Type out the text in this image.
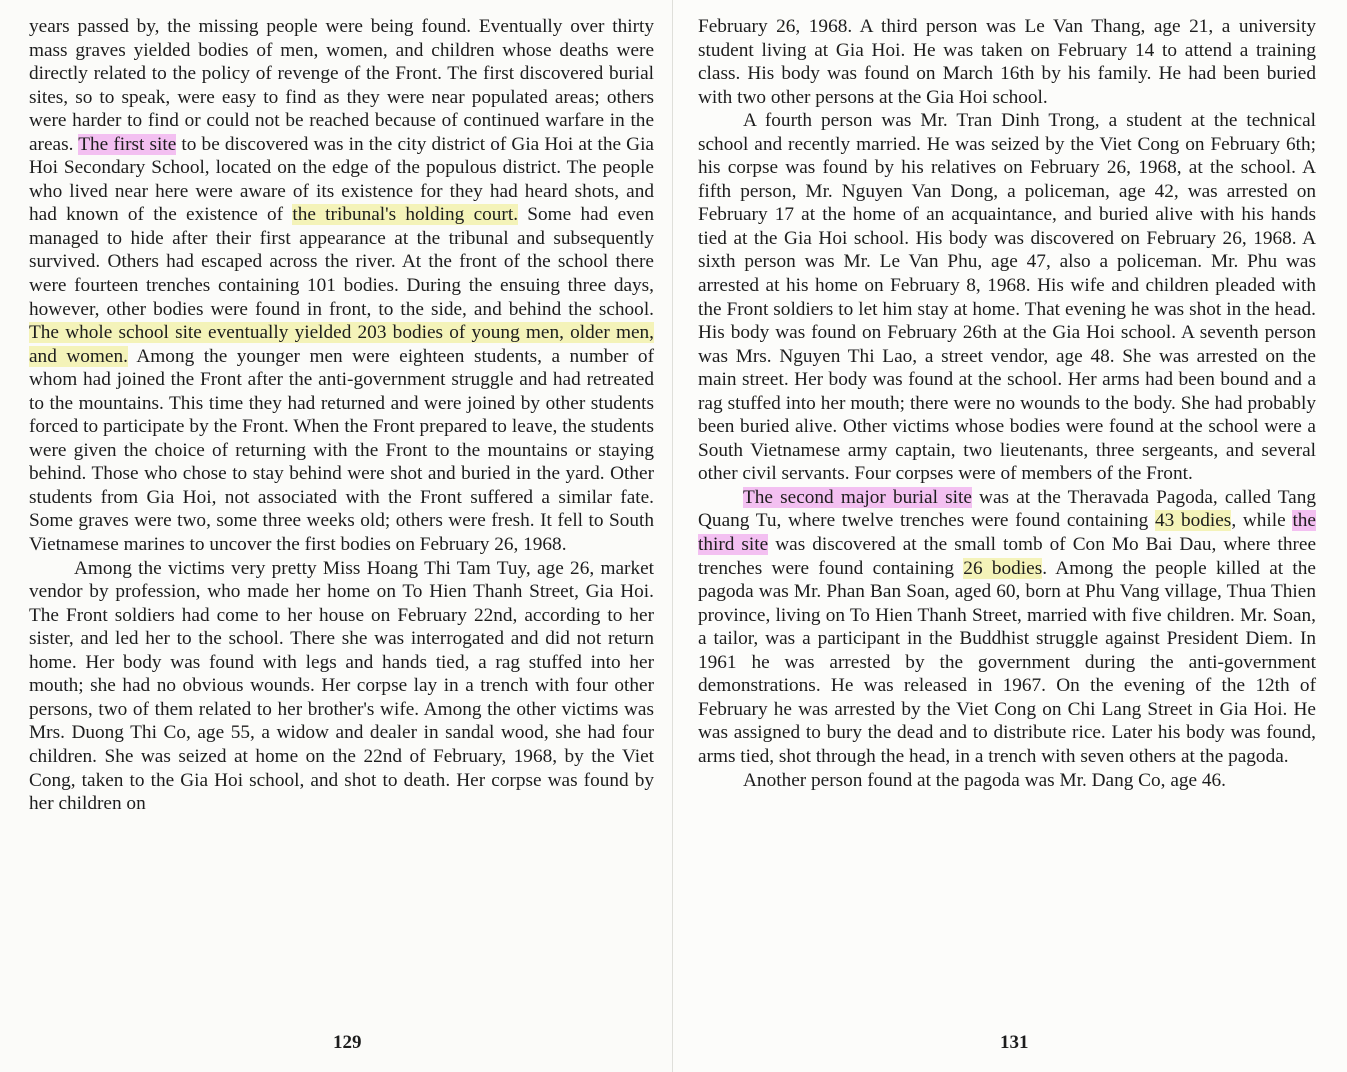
years passed by, the missing people were being found. Eventually over thirty mass graves yielded bodies of men, women, and children whose deaths were directly related to the policy of revenge of the Front. The first discovered burial sites, so to speak, were easy to find as they were near populated areas; others were harder to find or could not be reached because of continued warfare in the areas. The first site to be discovered was in the city district of Gia Hoi at the Gia Hoi Secondary School, located on the edge of the populous district. The people who lived near here were aware of its existence for they had heard shots, and had known of the existence of the tribunal's holding court. Some had even managed to hide after their first appearance at the tribunal and subsequently survived. Others had escaped across the river. At the front of the school there were fourteen trenches containing 101 bodies. During the ensuing three days, however, other bodies were found in front, to the side, and behind the school. The whole school site eventually yielded 203 bodies of young men, older men, and women. Among the younger men were eighteen students, a number of whom had joined the Front after the anti-government struggle and had retreated to the mountains. This time they had returned and were joined by other students forced to participate by the Front. When the Front prepared to leave, the students were given the choice of returning with the Front to the mountains or staying behind. Those who chose to stay behind were shot and buried in the yard. Other students from Gia Hoi, not associated with the Front suffered a similar fate. Some graves were two, some three weeks old; others were fresh. It fell to South Vietnamese marines to uncover the first bodies on February 26, 1968.

Among the victims very pretty Miss Hoang Thi Tam Tuy, age 26, market vendor by profession, who made her home on To Hien Thanh Street, Gia Hoi. The Front soldiers had come to her house on February 22nd, according to her sister, and led her to the school. There she was interrogated and did not return home. Her body was found with legs and hands tied, a rag stuffed into her mouth; she had no obvious wounds. Her corpse lay in a trench with four other persons, two of them related to her brother's wife. Among the other victims was Mrs. Duong Thi Co, age 55, a widow and dealer in sandal wood, she had four children. She was seized at home on the 22nd of February, 1968, by the Viet Cong, taken to the Gia Hoi school, and shot to death. Her corpse was found by her children on

129

February 26, 1968. A third person was Le Van Thang, age 21, a university student living at Gia Hoi. He was taken on February 14 to attend a training class. His body was found on March 16th by his family. He had been buried with two other persons at the Gia Hoi school.

A fourth person was Mr. Tran Dinh Trong, a student at the technical school and recently married. He was seized by the Viet Cong on February 6th; his corpse was found by his relatives on February 26, 1968, at the school. A fifth person, Mr. Nguyen Van Dong, a policeman, age 42, was arrested on February 17 at the home of an acquaintance, and buried alive with his hands tied at the Gia Hoi school. His body was discovered on February 26, 1968. A sixth person was Mr. Le Van Phu, age 47, also a policeman. Mr. Phu was arrested at his home on February 8, 1968. His wife and children pleaded with the Front soldiers to let him stay at home. That evening he was shot in the head. His body was found on February 26th at the Gia Hoi school. A seventh person was Mrs. Nguyen Thi Lao, a street vendor, age 48. She was arrested on the main street. Her body was found at the school. Her arms had been bound and a rag stuffed into her mouth; there were no wounds to the body. She had probably been buried alive. Other victims whose bodies were found at the school were a South Vietnamese army captain, two lieutenants, three sergeants, and several other civil servants. Four corpses were of members of the Front.

The second major burial site was at the Theravada Pagoda, called Tang Quang Tu, where twelve trenches were found containing 43 bodies, while the third site was discovered at the small tomb of Con Mo Bai Dau, where three trenches were found containing 26 bodies. Among the people killed at the pagoda was Mr. Phan Ban Soan, aged 60, born at Phu Vang village, Thua Thien province, living on To Hien Thanh Street, married with five children. Mr. Soan, a tailor, was a participant in the Buddhist struggle against President Diem. In 1961 he was arrested by the government during the anti-government demonstrations. He was released in 1967. On the evening of the 12th of February he was arrested by the Viet Cong on Chi Lang Street in Gia Hoi. He was assigned to bury the dead and to distribute rice. Later his body was found, arms tied, shot through the head, in a trench with seven others at the pagoda.

Another person found at the pagoda was Mr. Dang Co, age 46.

131
